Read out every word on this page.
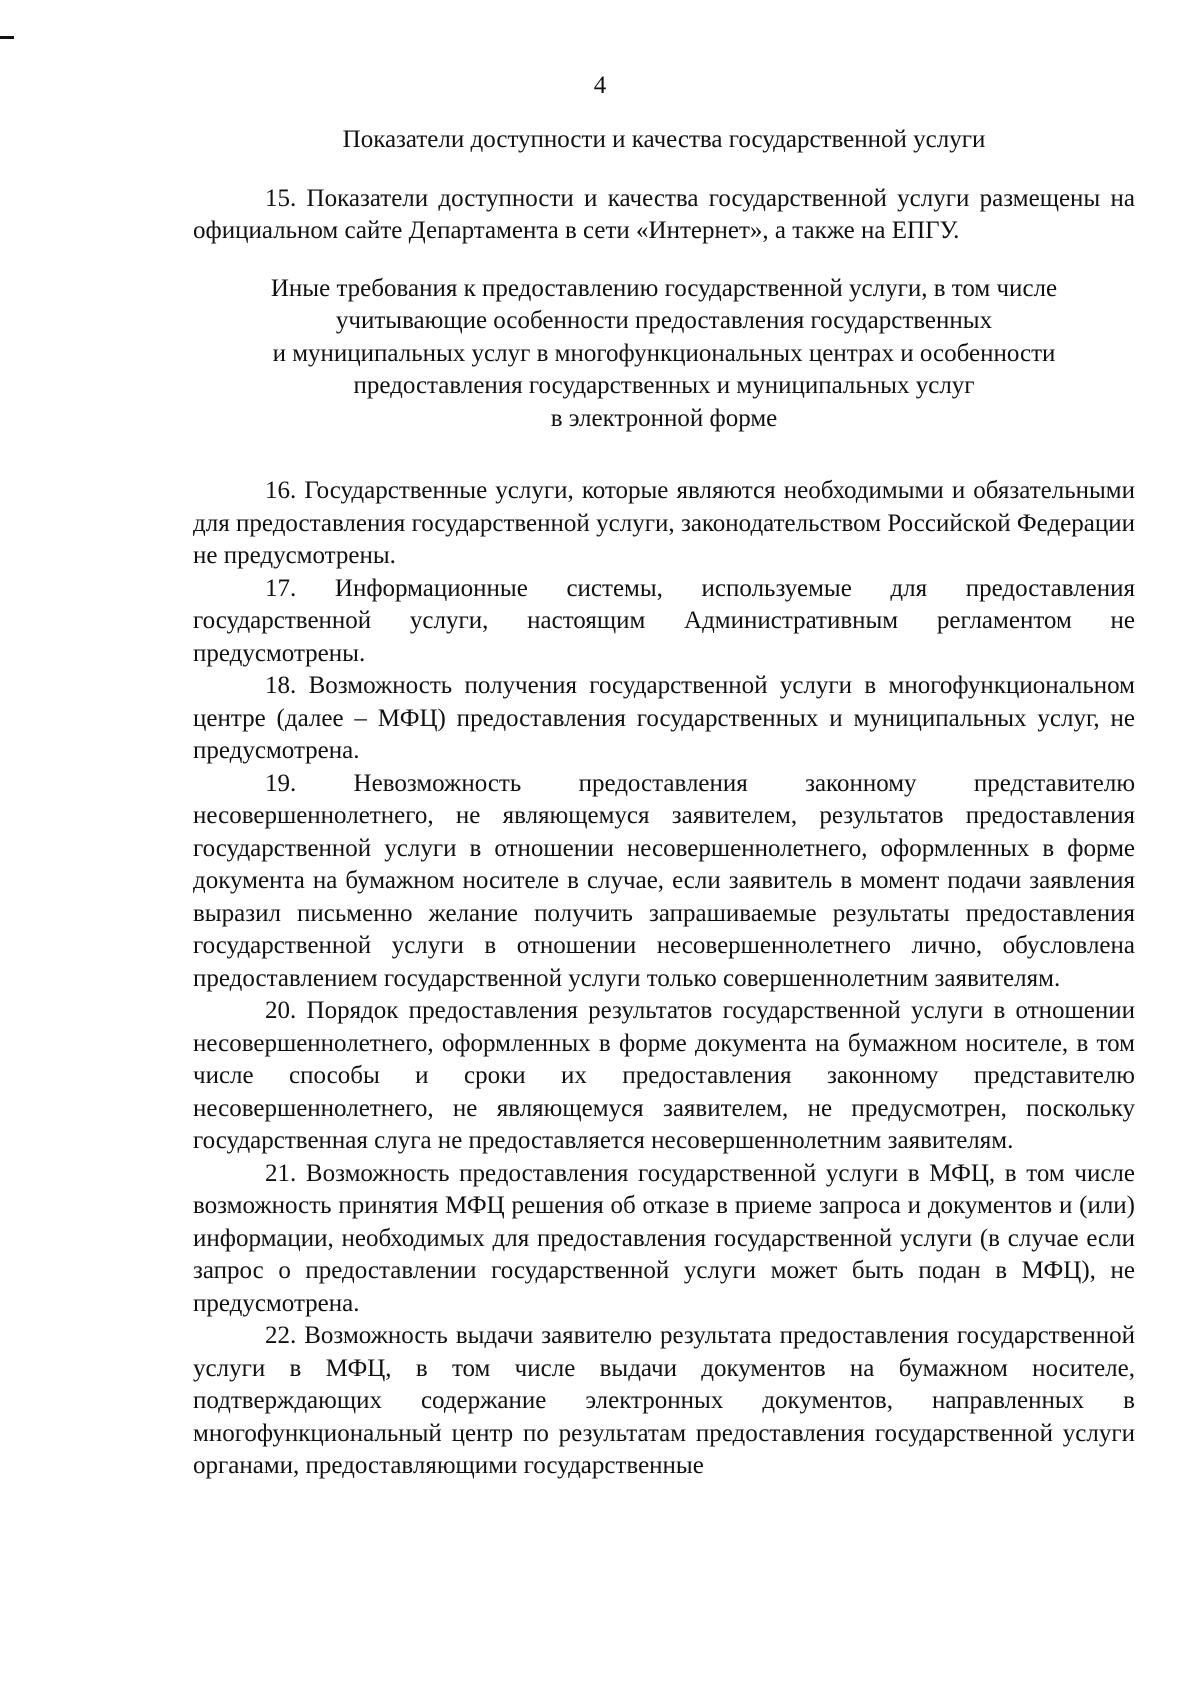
4
Показатели доступности и качества государственной услуги

15. Показатели доступности и качества государственной услуги размещены на официальном сайте Департамента в сети «Интернет», а также на ЕПГУ.

Иные требования к предоставлению государственной услуги, в том числе
учитывающие особенности предоставления государственных
и муниципальных услуг в многофункциональных центрах и особенности
предоставления государственных и муниципальных услуг
в электронной форме

16. Государственные услуги, которые являются необходимыми и обязательными для предоставления государственной услуги, законодательством Российской Федерации не предусмотрены.

17. Информационные системы, используемые для предоставления государственной услуги, настоящим Административным регламентом не предусмотрены.

18. Возможность получения государственной услуги в многофункциональном центре (далее – МФЦ) предоставления государственных и муниципальных услуг, не предусмотрена.

19. Невозможность предоставления законному представителю несовершеннолетнего, не являющемуся заявителем, результатов предоставления государственной услуги в отношении несовершеннолетнего, оформленных в форме документа на бумажном носителе в случае, если заявитель в момент подачи заявления выразил письменно желание получить запрашиваемые результаты предоставления государственной услуги в отношении несовершеннолетнего лично, обусловлена предоставлением государственной услуги только совершеннолетним заявителям.

20. Порядок предоставления результатов государственной услуги в отношении несовершеннолетнего, оформленных в форме документа на бумажном носителе, в том числе способы и сроки их предоставления законному представителю несовершеннолетнего, не являющемуся заявителем, не предусмотрен, поскольку государственная слуга не предоставляется несовершеннолетним заявителям.

21. Возможность предоставления государственной услуги в МФЦ, в том числе возможность принятия МФЦ решения об отказе в приеме запроса и документов и (или) информации, необходимых для предоставления государственной услуги (в случае если запрос о предоставлении государственной услуги может быть подан в МФЦ), не предусмотрена.

22. Возможность выдачи заявителю результата предоставления государственной услуги в МФЦ, в том числе выдачи документов на бумажном носителе, подтверждающих содержание электронных документов, направленных в многофункциональный центр по результатам предоставления государственной услуги органами, предоставляющими государственные
